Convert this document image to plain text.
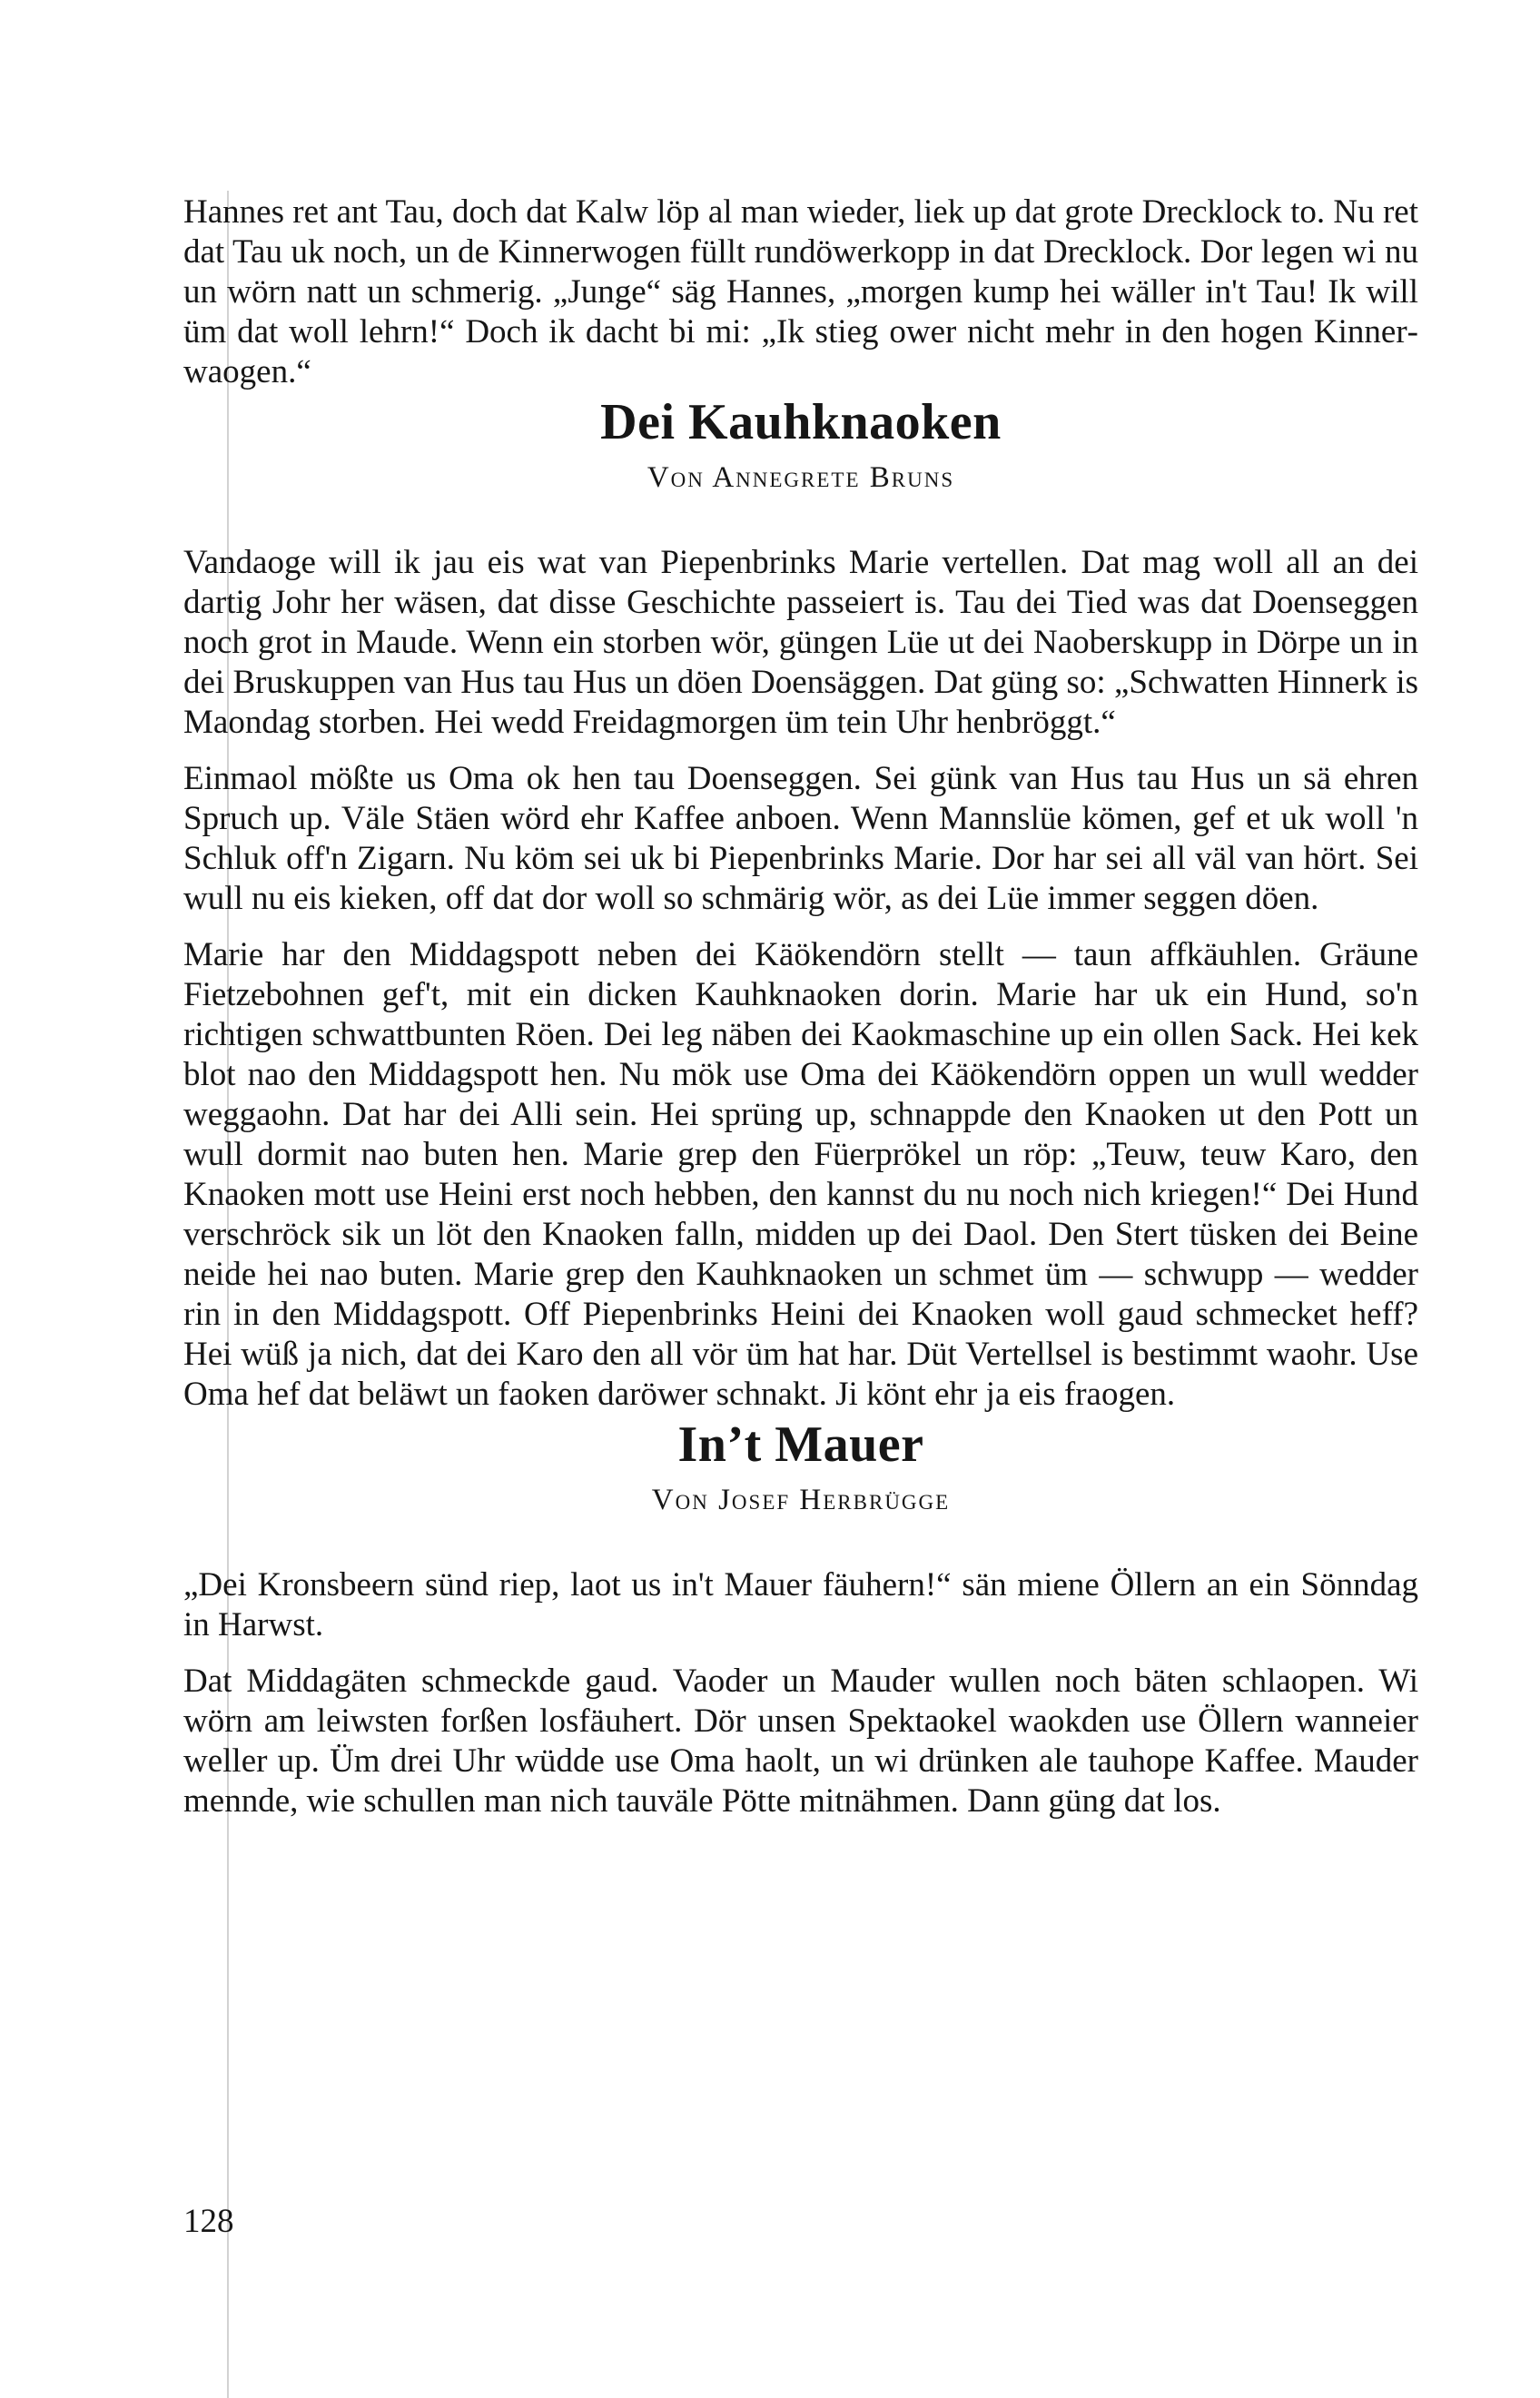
Hannes ret ant Tau, doch dat Kalw löp al man wieder, liek up dat grote Drecklock to. Nu ret dat Tau uk noch, un de Kinnerwogen füllt rundöwerkopp in dat Drecklock. Dor legen wi nu un wörn natt un schmerig. „Junge“ säg Hannes, „morgen kump hei wäller in't Tau! Ik will üm dat woll lehrn!“ Doch ik dacht bi mi: „Ik stieg ower nicht mehr in den hogen Kinnerwaogen.“

Dei Kauhknaoken
Von Annegrete Bruns

Vandaoge will ik jau eis wat van Piepenbrinks Marie vertellen. Dat mag woll all an dei dartig Johr her wäsen, dat disse Geschichte passeiert is. Tau dei Tied was dat Doenseggen noch grot in Maude. Wenn ein storben wör, güngen Lüe ut dei Naoberskupp in Dörpe un in dei Bruskuppen van Hus tau Hus un döen Doensäggen. Dat güng so: „Schwatten Hinnerk is Maondag storben. Hei wedd Freidagmorgen üm tein Uhr henbröggt.“

Einmaol mößte us Oma ok hen tau Doenseggen. Sei günk van Hus tau Hus un sä ehren Spruch up. Väle Stäen wörd ehr Kaffee anboen. Wenn Mannslüe kömen, gef et uk woll 'n Schluk off'n Zigarn. Nu köm sei uk bi Piepenbrinks Marie. Dor har sei all väl van hört. Sei wull nu eis kieken, off dat dor woll so schmärig wör, as dei Lüe immer seggen döen.

Marie har den Middagspott neben dei Käökendörn stellt — taun affkäuhlen. Gräune Fietzebohnen gef't, mit ein dicken Kauhknaoken dorin. Marie har uk ein Hund, so'n richtigen schwattbunten Röen. Dei leg näben dei Kaokmaschine up ein ollen Sack. Hei kek blot nao den Middagspott hen. Nu mök use Oma dei Käökendörn oppen un wull wedder weggaohn. Dat har dei Alli sein. Hei sprüng up, schnappde den Knaoken ut den Pott un wull dormit nao buten hen. Marie grep den Füerprökel un röp: „Teuw, teuw Karo, den Knaoken mott use Heini erst noch hebben, den kannst du nu noch nich kriegen!“ Dei Hund verschröck sik un löt den Knaoken falln, midden up dei Daol. Den Stert tüsken dei Beine neide hei nao buten. Marie grep den Kauhknaoken un schmet üm — schwupp — wedder rin in den Middagspott. Off Piepenbrinks Heini dei Knaoken woll gaud schmecket heff? Hei wüß ja nich, dat dei Karo den all vör üm hat har. Düt Vertellsel is bestimmt waohr. Use Oma hef dat beläwt un faoken daröwer schnakt. Ji könt ehr ja eis fraogen.

In’t Mauer
Von Josef Herbrügge

„Dei Kronsbeern sünd riep, laot us in't Mauer fäuhern!“ sän miene Öllern an ein Sönndag in Harwst.

Dat Middagäten schmeckde gaud. Vaoder un Mauder wullen noch bäten schlaopen. Wi wörn am leiwsten forßen losfäuhert. Dör unsen Spektaokel waokden use Öllern wanneier weller up. Üm drei Uhr wüdde use Oma haolt, un wi drünken ale tauhope Kaffee. Mauder mennde, wie schullen man nich tauväle Pötte mitnähmen. Dann güng dat los.

128
